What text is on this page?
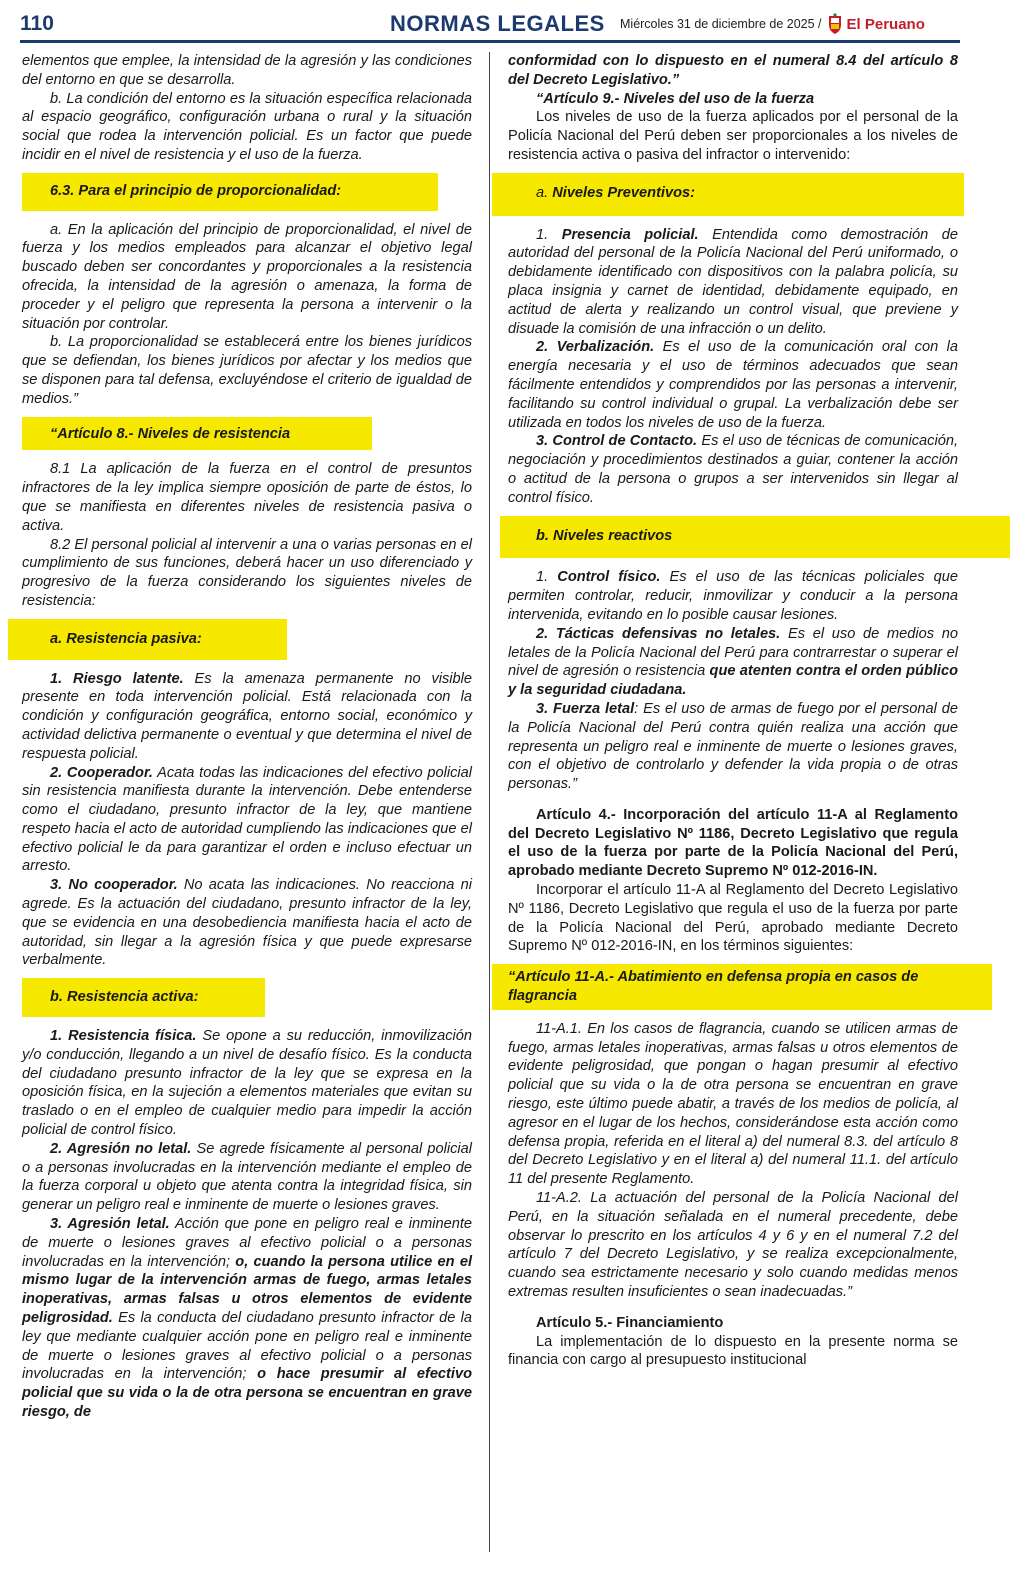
110	NORMAS LEGALES	Miércoles 31 de diciembre de 2025 / El Peruano

elementos que emplee, la intensidad de la agresión y las condiciones del entorno en que se desarrolla.

b. La condición del entorno es la situación específica relacionada al espacio geográfico, configuración urbana o rural y la situación social que rodea la intervención policial. Es un factor que puede incidir en el nivel de resistencia y el uso de la fuerza.

6.3. Para el principio de proporcionalidad:

a. En la aplicación del principio de proporcionalidad, el nivel de fuerza y los medios empleados para alcanzar el objetivo legal buscado deben ser concordantes y proporcionales a la resistencia ofrecida, la intensidad de la agresión o amenaza, la forma de proceder y el peligro que representa la persona a intervenir o la situación por controlar.

b. La proporcionalidad se establecerá entre los bienes jurídicos que se defiendan, los bienes jurídicos por afectar y los medios que se disponen para tal defensa, excluyéndose el criterio de igualdad de medios.”

“Artículo 8.- Niveles de resistencia

8.1 La aplicación de la fuerza en el control de presuntos infractores de la ley implica siempre oposición de parte de éstos, lo que se manifiesta en diferentes niveles de resistencia pasiva o activa.

8.2 El personal policial al intervenir a una o varias personas en el cumplimiento de sus funciones, deberá hacer un uso diferenciado y progresivo de la fuerza considerando los siguientes niveles de resistencia:

a. Resistencia pasiva:

1. Riesgo latente. Es la amenaza permanente no visible presente en toda intervención policial. Está relacionada con la condición y configuración geográfica, entorno social, económico y actividad delictiva permanente o eventual y que determina el nivel de respuesta policial.

2. Cooperador. Acata todas las indicaciones del efectivo policial sin resistencia manifiesta durante la intervención. Debe entenderse como el ciudadano, presunto infractor de la ley, que mantiene respeto hacia el acto de autoridad cumpliendo las indicaciones que el efectivo policial le da para garantizar el orden e incluso efectuar un arresto.

3. No cooperador. No acata las indicaciones. No reacciona ni agrede. Es la actuación del ciudadano, presunto infractor de la ley, que se evidencia en una desobediencia manifiesta hacia el acto de autoridad, sin llegar a la agresión física y que puede expresarse verbalmente.

b. Resistencia activa:

1. Resistencia física. Se opone a su reducción, inmovilización y/o conducción, llegando a un nivel de desafío físico. Es la conducta del ciudadano presunto infractor de la ley que se expresa en la oposición física, en la sujeción a elementos materiales que evitan su traslado o en el empleo de cualquier medio para impedir la acción policial de control físico.

2. Agresión no letal. Se agrede físicamente al personal policial o a personas involucradas en la intervención mediante el empleo de la fuerza corporal u objeto que atenta contra la integridad física, sin generar un peligro real e inminente de muerte o lesiones graves.

3. Agresión letal. Acción que pone en peligro real e inminente de muerte o lesiones graves al efectivo policial o a personas involucradas en la intervención; o, cuando la persona utilice en el mismo lugar de la intervención armas de fuego, armas letales inoperativas, armas falsas u otros elementos de evidente peligrosidad. Es la conducta del ciudadano presunto infractor de la ley que mediante cualquier acción pone en peligro real e inminente de muerte o lesiones graves al efectivo policial o a personas involucradas en la intervención; o hace presumir al efectivo policial que su vida o la de otra persona se encuentran en grave riesgo, de

conformidad con lo dispuesto en el numeral 8.4 del artículo 8 del Decreto Legislativo.”

“Artículo 9.- Niveles del uso de la fuerza

Los niveles de uso de la fuerza aplicados por el personal de la Policía Nacional del Perú deben ser proporcionales a los niveles de resistencia activa o pasiva del infractor o intervenido:

a. Niveles Preventivos:

1. Presencia policial. Entendida como demostración de autoridad del personal de la Policía Nacional del Perú uniformado, o debidamente identificado con dispositivos con la palabra policía, su placa insignia y carnet de identidad, debidamente equipado, en actitud de alerta y realizando un control visual, que previene y disuade la comisión de una infracción o un delito.

2. Verbalización. Es el uso de la comunicación oral con la energía necesaria y el uso de términos adecuados que sean fácilmente entendidos y comprendidos por las personas a intervenir, facilitando su control individual o grupal. La verbalización debe ser utilizada en todos los niveles de uso de la fuerza.

3. Control de Contacto. Es el uso de técnicas de comunicación, negociación y procedimientos destinados a guiar, contener la acción o actitud de la persona o grupos a ser intervenidos sin llegar al control físico.

b. Niveles reactivos

1. Control físico. Es el uso de las técnicas policiales que permiten controlar, reducir, inmovilizar y conducir a la persona intervenida, evitando en lo posible causar lesiones.

2. Tácticas defensivas no letales. Es el uso de medios no letales de la Policía Nacional del Perú para contrarrestar o superar el nivel de agresión o resistencia que atenten contra el orden público y la seguridad ciudadana.

3. Fuerza letal: Es el uso de armas de fuego por el personal de la Policía Nacional del Perú contra quién realiza una acción que representa un peligro real e inminente de muerte o lesiones graves, con el objetivo de controlarlo y defender la vida propia o de otras personas.”

Artículo 4.- Incorporación del artículo 11-A al Reglamento del Decreto Legislativo Nº 1186, Decreto Legislativo que regula el uso de la fuerza por parte de la Policía Nacional del Perú, aprobado mediante Decreto Supremo Nº 012-2016-IN.

Incorporar el artículo 11-A al Reglamento del Decreto Legislativo Nº 1186, Decreto Legislativo que regula el uso de la fuerza por parte de la Policía Nacional del Perú, aprobado mediante Decreto Supremo Nº 012-2016-IN, en los términos siguientes:

“Artículo 11-A.- Abatimiento en defensa propia en casos de flagrancia

11-A.1. En los casos de flagrancia, cuando se utilicen armas de fuego, armas letales inoperativas, armas falsas u otros elementos de evidente peligrosidad, que pongan o hagan presumir al efectivo policial que su vida o la de otra persona se encuentran en grave riesgo, este último puede abatir, a través de los medios de policía, al agresor en el lugar de los hechos, considerándose esta acción como defensa propia, referida en el literal a) del numeral 8.3. del artículo 8 del Decreto Legislativo y en el literal a) del numeral 11.1. del artículo 11 del presente Reglamento.

11-A.2. La actuación del personal de la Policía Nacional del Perú, en la situación señalada en el numeral precedente, debe observar lo prescrito en los artículos 4 y 6 y en el numeral 7.2 del artículo 7 del Decreto Legislativo, y se realiza excepcionalmente, cuando sea estrictamente necesario y solo cuando medidas menos extremas resulten insuficientes o sean inadecuadas.”

Artículo 5.- Financiamiento

La implementación de lo dispuesto en la presente norma se financia con cargo al presupuesto institucional
